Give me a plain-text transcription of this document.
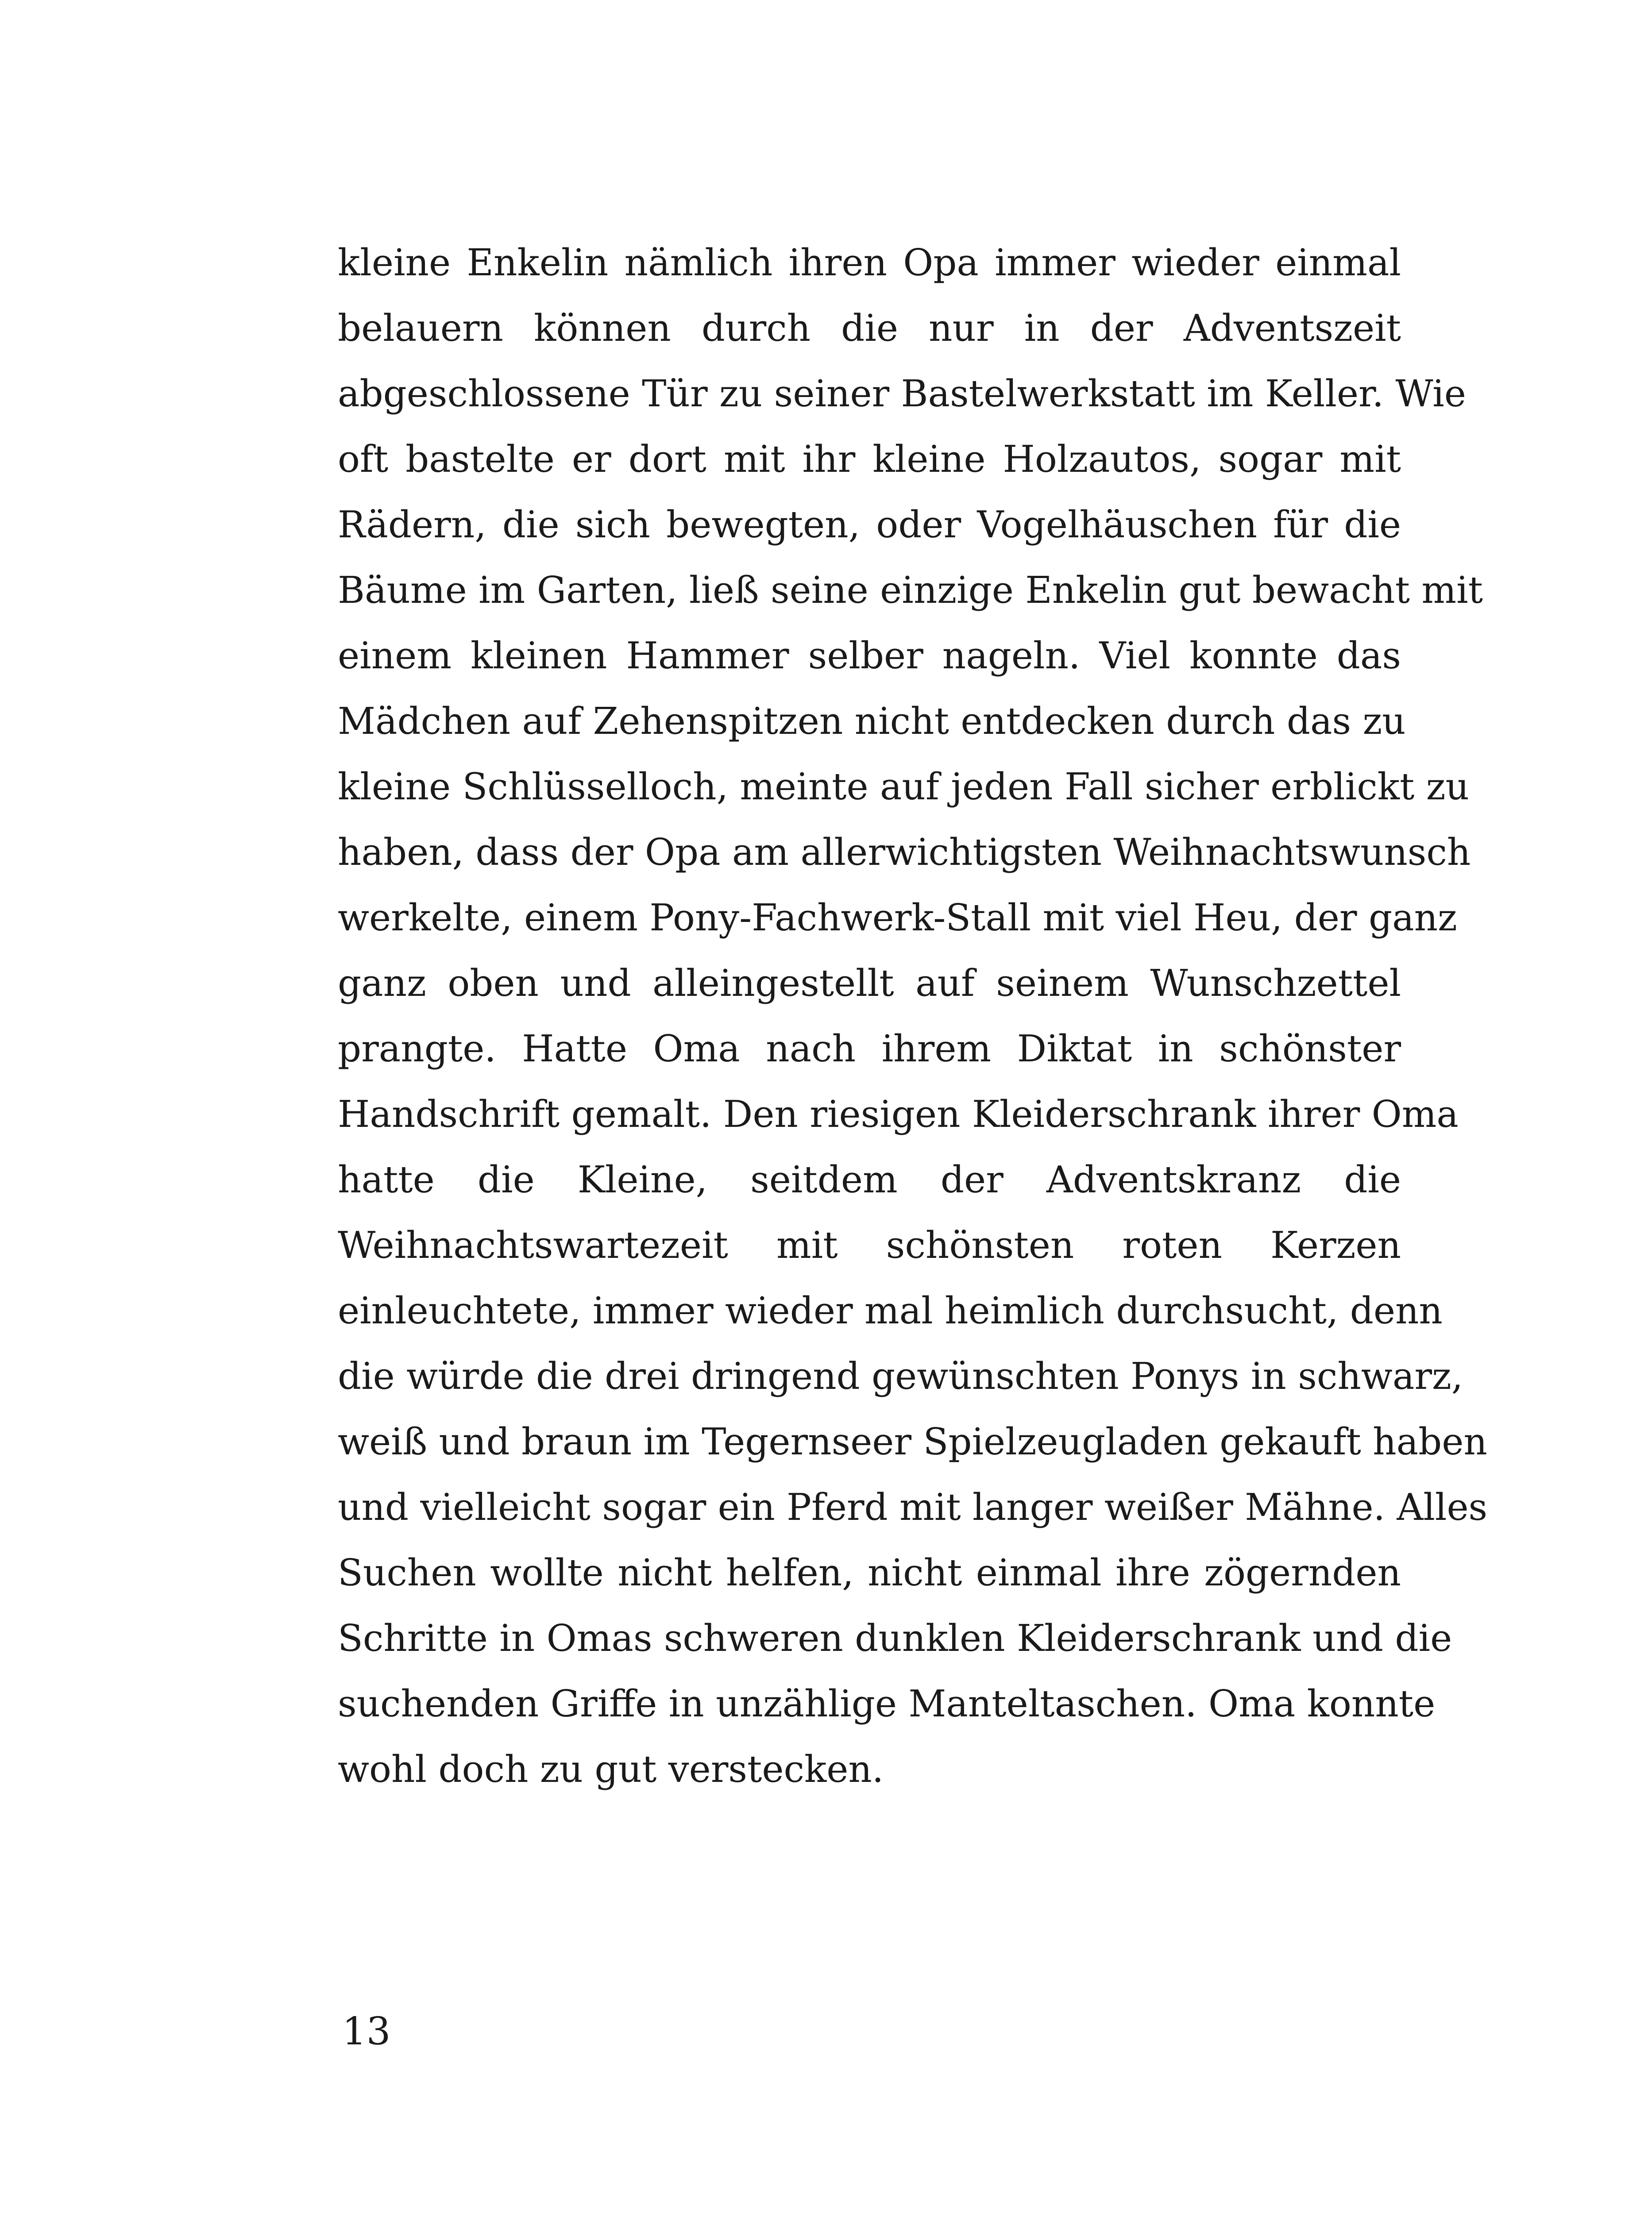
kleine Enkelin nämlich ihren Opa immer wieder einmal
belauern können durch die nur in der Adventszeit
abgeschlossene Tür zu seiner Bastelwerkstatt im Keller. Wie
oft bastelte er dort mit ihr kleine Holzautos, sogar mit
Rädern, die sich bewegten, oder Vogelhäuschen für die
Bäume im Garten, ließ seine einzige Enkelin gut bewacht mit
einem kleinen Hammer selber nageln. Viel konnte das
Mädchen auf Zehenspitzen nicht entdecken durch das zu
kleine Schlüsselloch, meinte auf jeden Fall sicher erblickt zu
haben, dass der Opa am allerwichtigsten Weihnachtswunsch
werkelte, einem Pony-Fachwerk-Stall mit viel Heu, der ganz
ganz oben und alleingestellt auf seinem Wunschzettel
prangte. Hatte Oma nach ihrem Diktat in schönster
Handschrift gemalt. Den riesigen Kleiderschrank ihrer Oma
hatte die Kleine, seitdem der Adventskranz die
Weihnachtswartezeit mit schönsten roten Kerzen
einleuchtete, immer wieder mal heimlich durchsucht, denn
die würde die drei dringend gewünschten Ponys in schwarz,
weiß und braun im Tegernseer Spielzeugladen gekauft haben
und vielleicht sogar ein Pferd mit langer weißer Mähne. Alles
Suchen wollte nicht helfen, nicht einmal ihre zögernden
Schritte in Omas schweren dunklen Kleiderschrank und die
suchenden Griffe in unzählige Manteltaschen. Oma konnte
wohl doch zu gut verstecken.

13
